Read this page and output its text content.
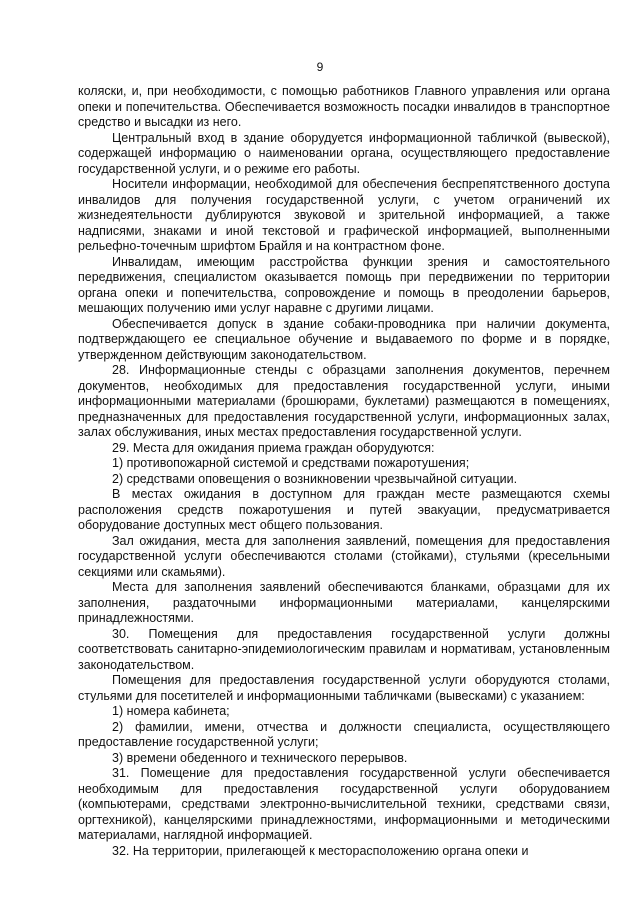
9

коляски, и, при необходимости, с помощью работников Главного управления или органа опеки и попечительства. Обеспечивается возможность посадки инвалидов в транспортное средство и высадки из него.

Центральный вход в здание оборудуется информационной табличкой (вывеской), содержащей информацию о наименовании органа, осуществляющего предоставление государственной услуги, и о режиме его работы.

Носители информации, необходимой для обеспечения беспрепятственного доступа инвалидов для получения государственной услуги, с учетом ограничений их жизнедеятельности дублируются звуковой и зрительной информацией, а также надписями, знаками и иной текстовой и графической информацией, выполненными рельефно-точечным шрифтом Брайля и на контрастном фоне.

Инвалидам, имеющим расстройства функции зрения и самостоятельного передвижения, специалистом оказывается помощь при передвижении по территории органа опеки и попечительства, сопровождение и помощь в преодолении барьеров, мешающих получению ими услуг наравне с другими лицами.

Обеспечивается допуск в здание собаки-проводника при наличии документа, подтверждающего ее специальное обучение и выдаваемого по форме и в порядке, утвержденном действующим законодательством.

28. Информационные стенды с образцами заполнения документов, перечнем документов, необходимых для предоставления государственной услуги, иными информационными материалами (брошюрами, буклетами) размещаются в помещениях, предназначенных для предоставления государственной услуги, информационных залах, залах обслуживания, иных местах предоставления государственной услуги.

29. Места для ожидания приема граждан оборудуются:

1) противопожарной системой и средствами пожаротушения;

2) средствами оповещения о возникновении чрезвычайной ситуации.

В местах ожидания в доступном для граждан месте размещаются схемы расположения средств пожаротушения и путей эвакуации, предусматривается оборудование доступных мест общего пользования.

Зал ожидания, места для заполнения заявлений, помещения для предоставления государственной услуги обеспечиваются столами (стойками), стульями (кресельными секциями или скамьями).

Места для заполнения заявлений обеспечиваются бланками, образцами для их заполнения, раздаточными информационными материалами, канцелярскими принадлежностями.

30. Помещения для предоставления государственной услуги должны соответствовать санитарно-эпидемиологическим правилам и нормативам, установленным законодательством.

Помещения для предоставления государственной услуги оборудуются столами, стульями для посетителей и информационными табличками (вывесками) с указанием:

1) номера кабинета;

2) фамилии, имени, отчества и должности специалиста, осуществляющего предоставление государственной услуги;

3) времени обеденного и технического перерывов.

31. Помещение для предоставления государственной услуги обеспечивается необходимым для предоставления государственной услуги оборудованием (компьютерами, средствами электронно-вычислительной техники, средствами связи, оргтехникой), канцелярскими принадлежностями, информационными и методическими материалами, наглядной информацией.

32. На территории, прилегающей к месторасположению органа опеки и
